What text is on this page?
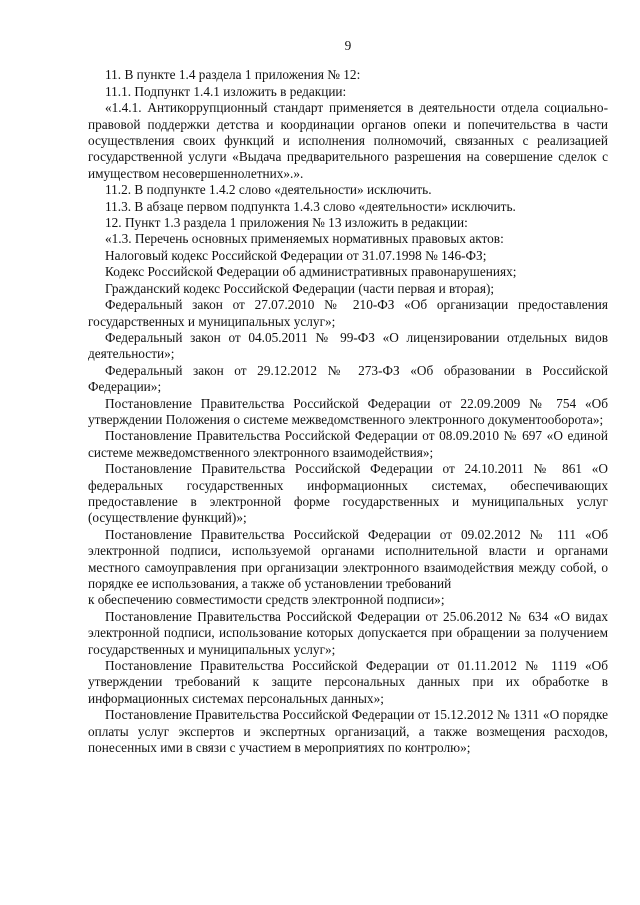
9

11. В пункте 1.4 раздела 1 приложения № 12:

11.1. Подпункт 1.4.1 изложить в редакции:

«1.4.1. Антикоррупционный стандарт применяется в деятельности отдела социально-правовой поддержки детства и координации органов опеки и попечительства в части осуществления своих функций и исполнения полномочий, связанных с реализацией государственной услуги «Выдача предварительного разрешения на совершение сделок с имуществом несовершеннолетних».».

11.2. В подпункте 1.4.2 слово «деятельности» исключить.

11.3. В абзаце первом подпункта 1.4.3 слово «деятельности» исключить.

12. Пункт 1.3 раздела 1 приложения № 13 изложить в редакции:

«1.3. Перечень основных применяемых нормативных правовых актов:

Налоговый кодекс Российской Федерации от 31.07.1998 № 146-ФЗ;

Кодекс Российской Федерации об административных правонарушениях;

Гражданский кодекс Российской Федерации (части первая и вторая);

Федеральный закон от 27.07.2010 № 210-ФЗ «Об организации предоставления государственных и муниципальных услуг»;

Федеральный закон от 04.05.2011 № 99-ФЗ «О лицензировании отдельных видов деятельности»;

Федеральный закон от 29.12.2012 № 273-ФЗ «Об образовании в Российской Федерации»;

Постановление Правительства Российской Федерации от 22.09.2009 № 754 «Об утверждении Положения о системе межведомственного электронного документооборота»;

Постановление Правительства Российской Федерации от 08.09.2010 № 697 «О единой системе межведомственного электронного взаимодействия»;

Постановление Правительства Российской Федерации от 24.10.2011 № 861 «О федеральных государственных информационных системах, обеспечивающих предоставление в электронной форме государственных и муниципальных услуг (осуществление функций)»;

Постановление Правительства Российской Федерации от 09.02.2012 № 111 «Об электронной подписи, используемой органами исполнительной власти и органами местного самоуправления при организации электронного взаимодействия между собой, о порядке ее использования, а также об установлении требований

к обеспечению совместимости средств электронной подписи»;

Постановление Правительства Российской Федерации от 25.06.2012 № 634 «О видах электронной подписи, использование которых допускается при обращении за получением государственных и муниципальных услуг»;

Постановление Правительства Российской Федерации от 01.11.2012 № 1119 «Об утверждении требований к защите персональных данных при их обработке в информационных системах персональных данных»;

Постановление Правительства Российской Федерации от 15.12.2012 № 1311 «О порядке оплаты услуг экспертов и экспертных организаций, а также возмещения расходов, понесенных ими в связи с участием в мероприятиях по контролю»;
